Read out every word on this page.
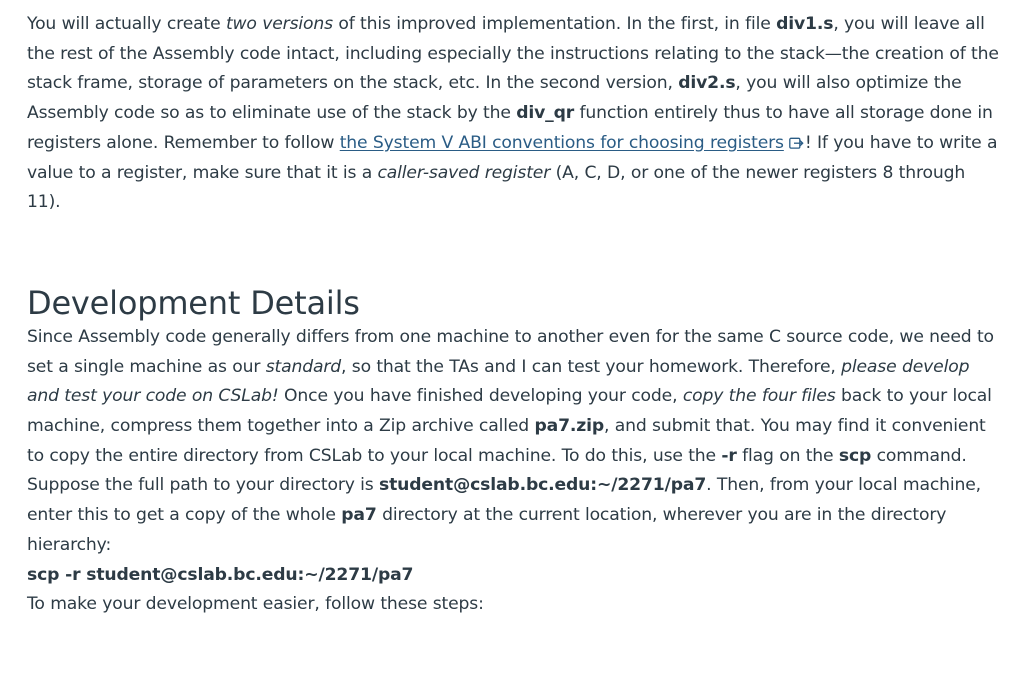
You will actually create two versions of this improved implementation. In the first, in file div1.s, you will leave all the rest of the Assembly code intact, including especially the instructions relating to the stack—the creation of the stack frame, storage of parameters on the stack, etc. In the second version, div2.s, you will also optimize the Assembly code so as to eliminate use of the stack by the div_qr function entirely thus to have all storage done in registers alone. Remember to follow the System V ABI conventions for choosing registers ! If you have to write a value to a register, make sure that it is a caller-saved register (A, C, D, or one of the newer registers 8 through 11).

Development Details

Since Assembly code generally differs from one machine to another even for the same C source code, we need to set a single machine as our standard, so that the TAs and I can test your homework. Therefore, please develop and test your code on CSLab! Once you have finished developing your code, copy the four files back to your local machine, compress them together into a Zip archive called pa7.zip, and submit that. You may find it convenient to copy the entire directory from CSLab to your local machine. To do this, use the -r flag on the scp command. Suppose the full path to your directory is student@cslab.bc.edu:~/2271/pa7. Then, from your local machine, enter this to get a copy of the whole pa7 directory at the current location, wherever you are in the directory hierarchy:

scp -r student@cslab.bc.edu:~/2271/pa7

To make your development easier, follow these steps:
